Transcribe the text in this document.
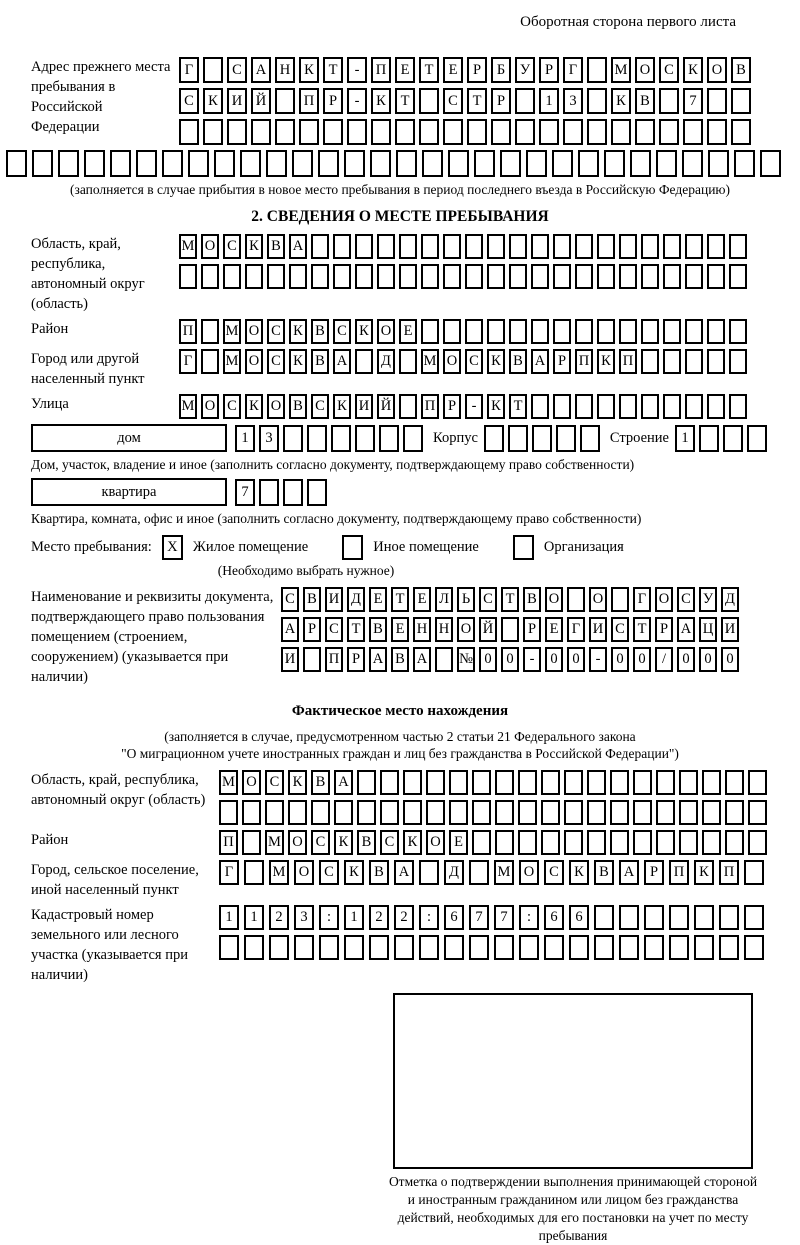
Оборотная сторона первого листа
Адрес прежнего места пребывания в Российской Федерации
Г	С А Н К	Т	-	П Е	Т	Е	Р	Б	У	Р	Г	М О С К О В
С К И Й	П	Р	-	К	Т	С	Т	Р	1	3	К В	7
(заполняется в случае прибытия в новое место пребывания в период последнего въезда в Российскую Федерацию)
2. СВЕДЕНИЯ О МЕСТЕ ПРЕБЫВАНИЯ
Область, край, республика, автономный округ (область)
М О С К В А
Район	П М О С К В С К О Е
Город или другой населенный пункт
Г	М О С К В А Д М О С К В А Р П К П
Улица	М О С К О В С К И Й П Р	-	К Т
дом	1	3	Корпус	Строение 1
Дом, участок, владение и иное (заполнить согласно документу, подтверждающему право собственности)
квартира	7
Квартира, комната, офис и иное (заполнить согласно документу, подтверждающему право собственности)
Место пребывания:	X	Жилое помещение	Иное помещение	Организация
(Необходимо выбрать нужное)
Наименование и реквизиты документа, подтверждающего право пользования помещением (строением, сооружением) (указывается при наличии)
С В И Д Е Т Е Л Ь С Т В О О	Г О С У Д
А Р С Т В Е Н Н О Й	Р Е Г И С Т Р А Ц И
И П Р А В А № 0	0	-	0	0	-	0	0	/	0	0	0
Фактическое место нахождения
(заполняется в случае, предусмотренном частью 2 статьи 21 Федерального закона
"О миграционном учете иностранных граждан и лиц без гражданства в Российской Федерации")
Область, край, республика, автономный округ (область)
М О С К В А
Район	П М О С К В С К О Е
Город, сельское поселение, иной населенный пункт
Г	М О	С	К	В	А	Д	М О	С	К	В	А	Р	П	К	П
Кадастровый номер земельного или лесного участка (указывается при наличии)
1	1	2	3	:	1	2	2	:	6	7	7	:	6	6
Отметка о подтверждении выполнения принимающей стороной и иностранным гражданином или лицом без гражданства действий, необходимых для его постановки на учет по месту пребывания
